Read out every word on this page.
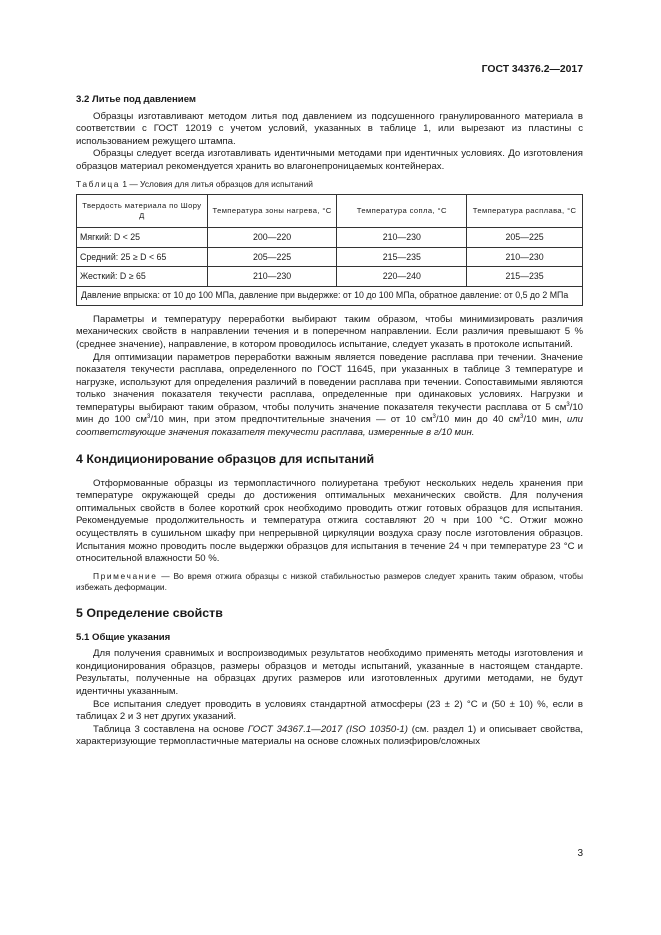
ГОСТ 34376.2—2017
3.2 Литье под давлением

Образцы изготавливают методом литья под давлением из подсушенного гранулированного материала в соответствии с ГОСТ 12019 с учетом условий, указанных в таблице 1, или вырезают из пластины с использованием режущего штампа.

Образцы следует всегда изготавливать идентичными методами при идентичных условиях. До изготовления образцов материал рекомендуется хранить во влагонепроницаемых контейнерах.

Таблица 1 — Условия для литья образцов для испытаний
Твердость материала по Шору Д	Температура зоны нагрева, °С	Температура сопла, °С	Температура расплава, °С
Мягкий: D < 25	200—220	210—230	205—225
Средний: 25 ≥ D < 65	205—225	215—235	210—230
Жесткий: D ≥ 65	210—230	220—240	215—235
Давление впрыска: от 10 до 100 МПа, давление при выдержке: от 10 до 100 МПа, обратное давление: от 0,5 до 2 МПа			

Параметры и температуру переработки выбирают таким образом, чтобы минимизировать различия механических свойств в направлении течения и в поперечном направлении. Если различия превышают 5 % (среднее значение), направление, в котором проводилось испытание, следует указать в протоколе испытаний.

Для оптимизации параметров переработки важным является поведение расплава при течении. Значение показателя текучести расплава, определенного по ГОСТ 11645, при указанных в таблице 3 температуре и нагрузке, используют для определения различий в поведении расплава при течении. Сопоставимыми являются только значения показателя текучести расплава, определенные при одинаковых условиях. Нагрузки и температуры выбирают таким образом, чтобы получить значение показателя текучести расплава от 5 $см^3/10$ мин до 100 $см^3/10$ мин, при этом предпочтительные значения — от 10 $см^3/10$ мин до 40 $см^3/10$ мин, или соответствующие значения показателя текучести расплава, измеренные в г/10 мин.

4 Кондиционирование образцов для испытаний

Отформованные образцы из термопластичного полиуретана требуют нескольких недель хранения при температуре окружающей среды до достижения оптимальных механических свойств. Для получения оптимальных свойств в более короткий срок необходимо проводить отжиг готовых образцов для испытания. Рекомендуемые продолжительность и температура отжига составляют 20 ч при 100 °С. Отжиг можно осуществлять в сушильном шкафу при непрерывной циркуляции воздуха сразу после изготовления образцов. Испытания можно проводить после выдержки образцов для испытания в течение 24 ч при температуре 23 °С и относительной влажности 50 %.

Примечание — Во время отжига образцы с низкой стабильностью размеров следует хранить таким образом, чтобы избежать деформации.

5 Определение свойств
5.1 Общие указания

Для получения сравнимых и воспроизводимых результатов необходимо применять методы изготовления и кондиционирования образцов, размеры образцов и методы испытаний, указанные в настоящем стандарте. Результаты, полученные на образцах других размеров или изготовленных другими методами, не будут идентичны указанным.

Все испытания следует проводить в условиях стандартной атмосферы (23 ± 2) °С и (50 ± 10) %, если в таблицах 2 и 3 нет других указаний.

Таблица 3 составлена на основе ГОСТ 34367.1—2017 (ISO 10350-1) (см. раздел 1) и описывает свойства, характеризующие термопластичные материалы на основе сложных полиэфиров/сложных

3
